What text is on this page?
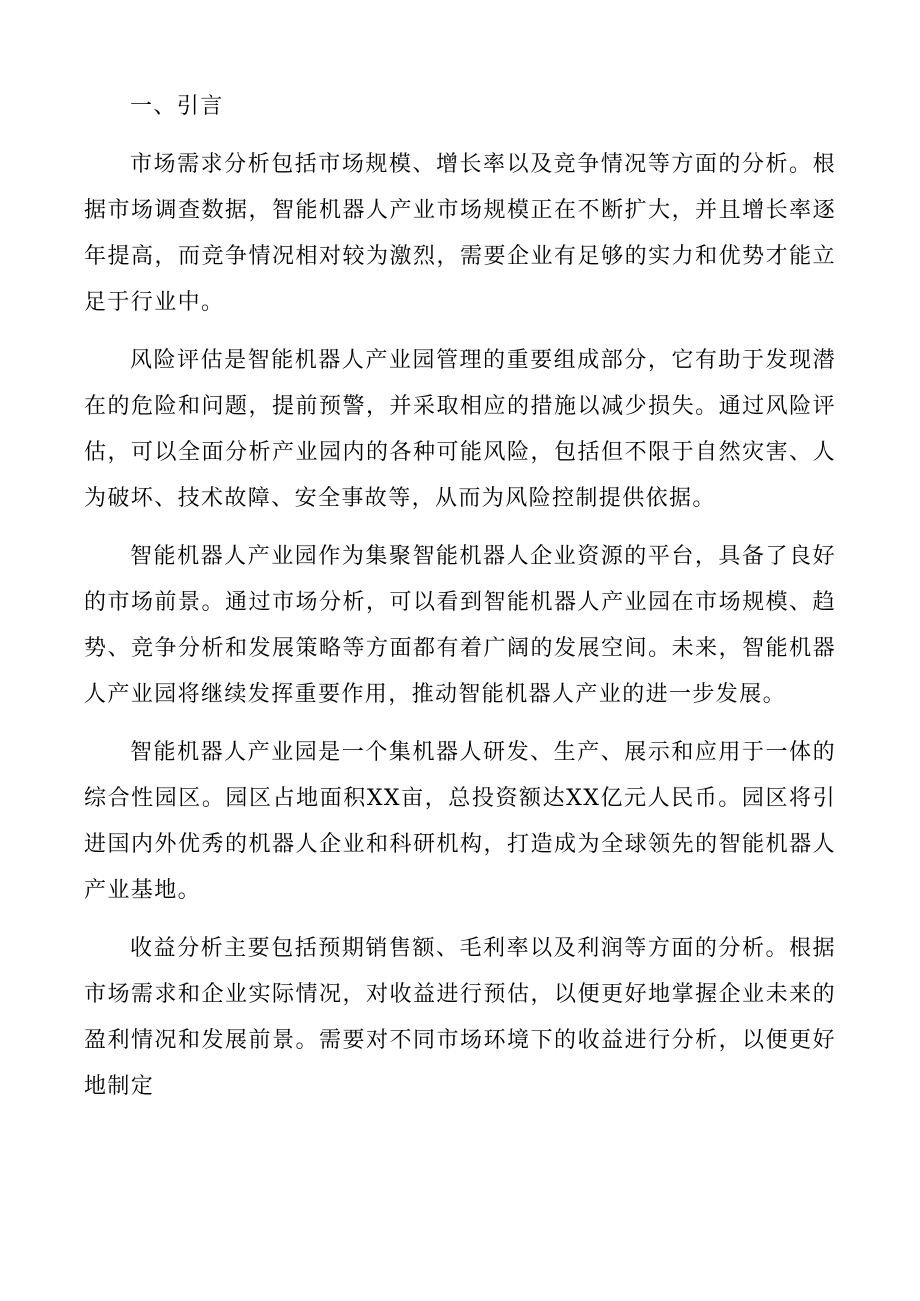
一、引言

市场需求分析包括市场规模、增长率以及竞争情况等方面的分析。根据市场调查数据，智能机器人产业市场规模正在不断扩大，并且增长率逐年提高，而竞争情况相对较为激烈，需要企业有足够的实力和优势才能立足于行业中。

风险评估是智能机器人产业园管理的重要组成部分，它有助于发现潜在的危险和问题，提前预警，并采取相应的措施以减少损失。通过风险评估，可以全面分析产业园内的各种可能风险，包括但不限于自然灾害、人为破坏、技术故障、安全事故等，从而为风险控制提供依据。

智能机器人产业园作为集聚智能机器人企业资源的平台，具备了良好的市场前景。通过市场分析，可以看到智能机器人产业园在市场规模、趋势、竞争分析和发展策略等方面都有着广阔的发展空间。未来，智能机器人产业园将继续发挥重要作用，推动智能机器人产业的进一步发展。

智能机器人产业园是一个集机器人研发、生产、展示和应用于一体的综合性园区。园区占地面积XX亩，总投资额达XX亿元人民币。园区将引进国内外优秀的机器人企业和科研机构，打造成为全球领先的智能机器人产业基地。

收益分析主要包括预期销售额、毛利率以及利润等方面的分析。根据市场需求和企业实际情况，对收益进行预估，以便更好地掌握企业未来的盈利情况和发展前景。需要对不同市场环境下的收益进行分析，以便更好地制定
